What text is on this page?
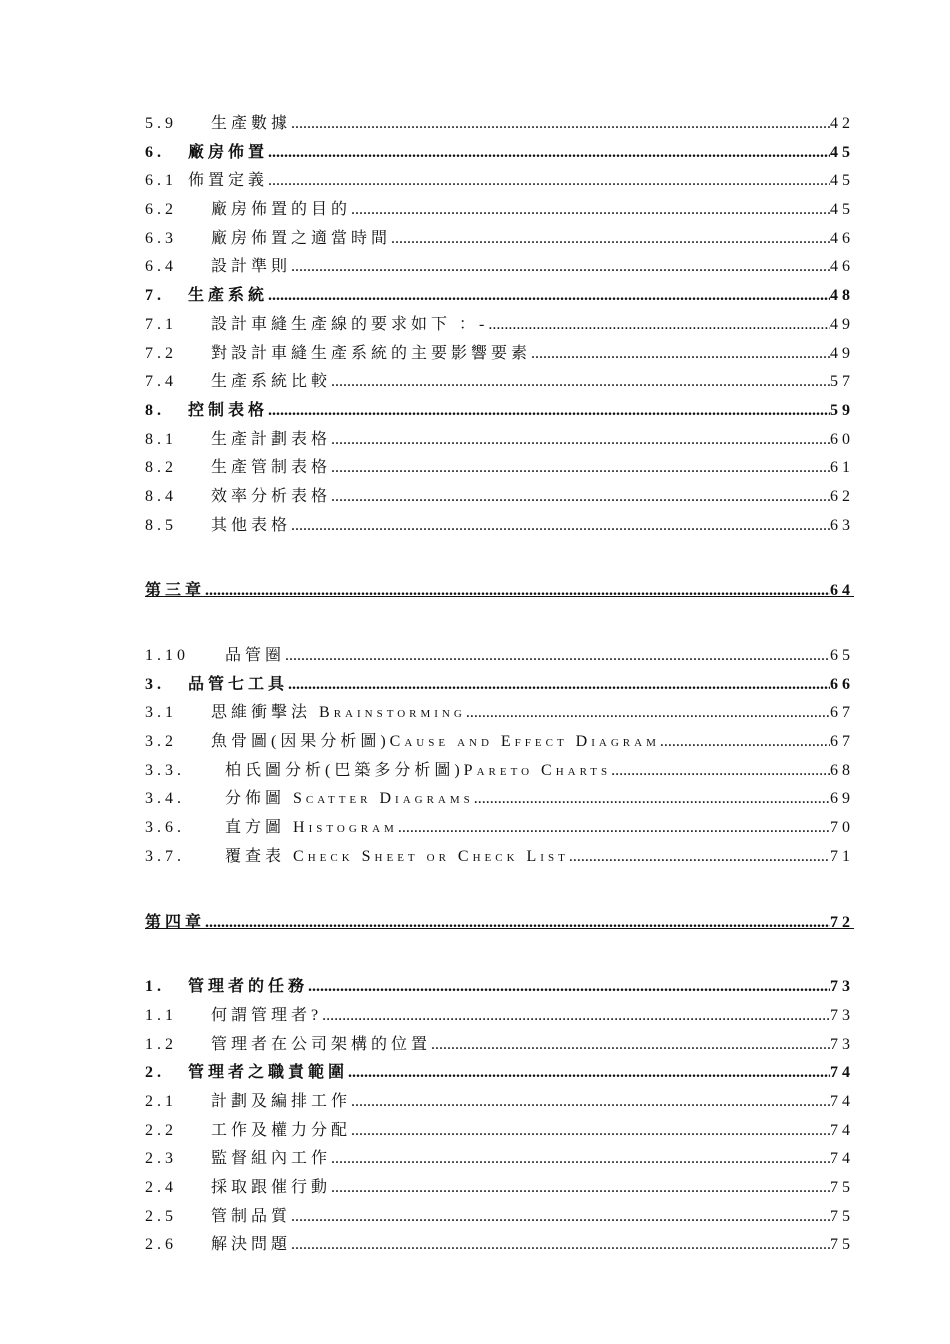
5.9	生產數據 .....	42
6.	廠房佈置 .....	45
6.1 佈置定義 .....	45
6.2	廠房佈置的目的 .....	45
6.3	廠房佈置之適當時間 .....	46
6.4	設計準則 .....	46
7.	生產系統 .....	48
7.1	設計車縫生產線的要求如下 ：- .....	49
7.2	對設計車縫生產系統的主要影響要素 .....	49
7.4	生產系統比較 .....	57
8.	控制表格 .....	59
8.1	生產計劃表格 .....	60
8.2	生產管制表格 .....	61
8.4	效率分析表格 .....	62
8.5	其他表格 .....	63
第三章 .....	64
1.10	品管圈 .....	65
3.	品管七工具 .....	66
3.1	思維衝擊法 Brainstorming .....	67
3.2	魚骨圖(因果分析圖)Cause and Effect Diagram .....	67
3.3.	柏氏圖分析(巴築多分析圖)Pareto Charts .....	68
3.4.	分佈圖 Scatter Diagrams .....	69
3.6.	直方圖 Histogram .....	70
3.7.	覆查表 Check Sheet or Check List .....	71
第四章 .....	72
1.	管理者的任務 .....	73
1.1	何謂管理者? .....	73
1.2	管理者在公司架構的位置 .....	73
2.	管理者之職責範圍 .....	74
2.1	計劃及編排工作 .....	74
2.2	工作及權力分配 .....	74
2.3	監督組內工作 .....	74
2.4	採取跟催行動 .....	75
2.5	管制品質 .....	75
2.6	解決問題 .....	75
